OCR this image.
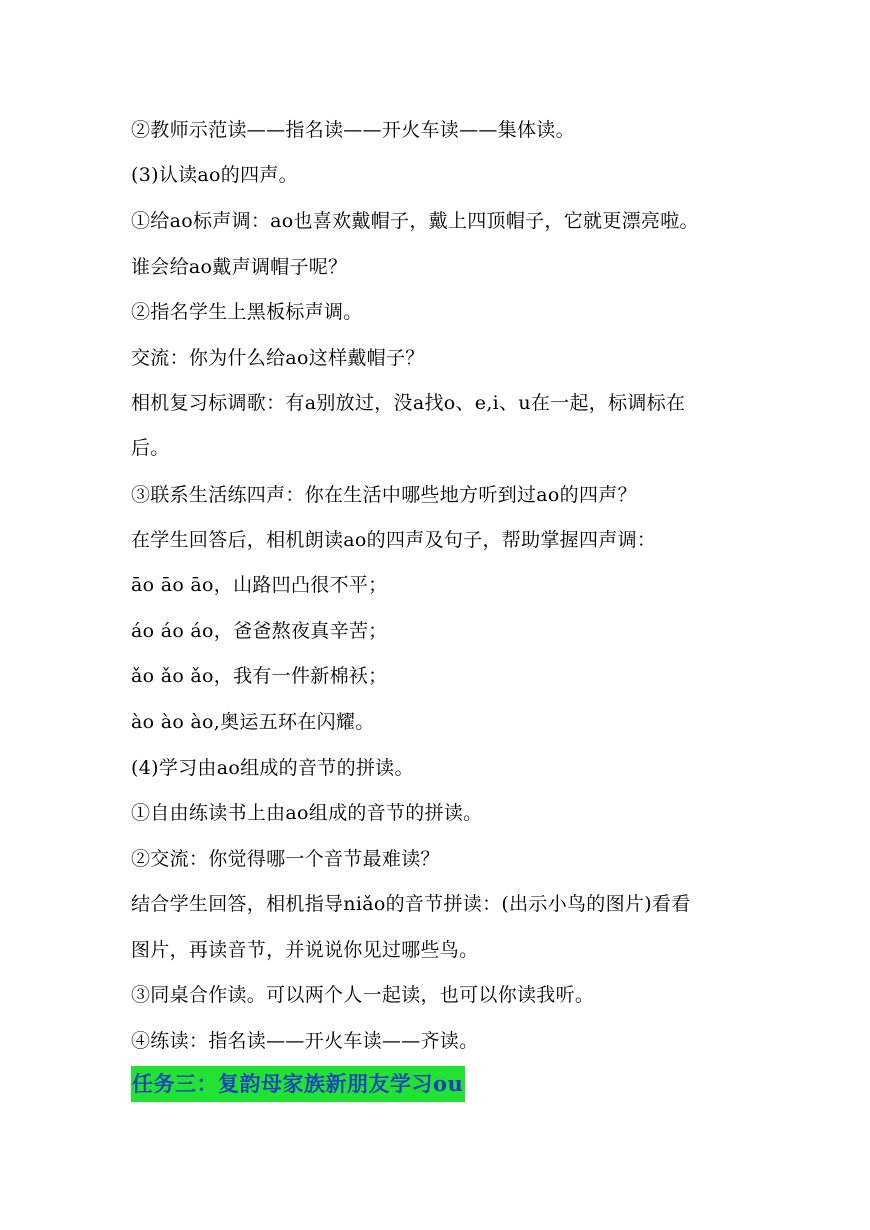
②教师示范读——指名读——开火车读——集体读。
(3)认读ao的四声。
①给ao标声调：ao也喜欢戴帽子，戴上四顶帽子，它就更漂亮啦。
谁会给ao戴声调帽子呢？
②指名学生上黑板标声调。
交流：你为什么给ao这样戴帽子？
相机复习标调歌：有a别放过，没a找o、e,i、u在一起，标调标在
后。
③联系生活练四声：你在生活中哪些地方听到过ao的四声？
在学生回答后，相机朗读ao的四声及句子，帮助掌握四声调：
āo āo āo，山路凹凸很不平；
áo áo áo，爸爸熬夜真辛苦；
ǎo ǎo ǎo，我有一件新棉袄；
ào ào ào,奥运五环在闪耀。
(4)学习由ao组成的音节的拼读。
①自由练读书上由ao组成的音节的拼读。
②交流：你觉得哪一个音节最难读？
结合学生回答，相机指导niǎo的音节拼读：(出示小鸟的图片)看看
图片，再读音节，并说说你见过哪些鸟。
③同桌合作读。可以两个人一起读，也可以你读我听。
④练读：指名读——开火车读——齐读。
任务三：复韵母家族新朋友学习ou
